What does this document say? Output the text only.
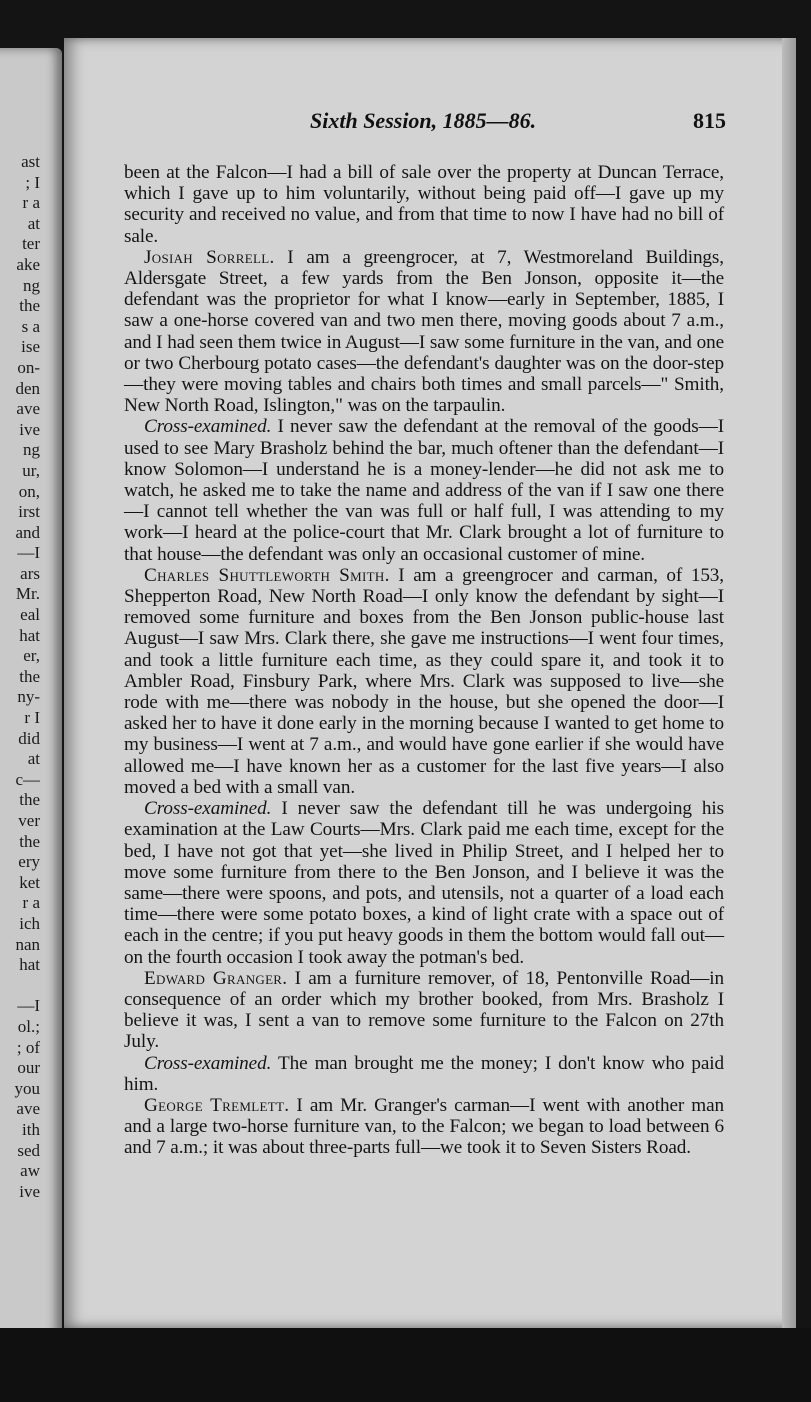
ast
; I
r a
at
ter
ake
ng
the
s a
ise
on-
den
ave
ive
ng
ur,
on,
irst
and
—I
ars
Mr.
eal
hat
er,
the
ny-
r I
did
at
c—
the
ver
the
ery
ket
r a
ich
nan
hat
—I
ol.;
; of
our
you
ave
ith
sed
aw
ive
Sixth Session, 1885—86.	815

been at the Falcon—I had a bill of sale over the property at Duncan Terrace, which I gave up to him voluntarily, without being paid off—I gave up my security and received no value, and from that time to now I have had no bill of sale.

Josiah Sorrell. I am a greengrocer, at 7, Westmoreland Buildings, Aldersgate Street, a few yards from the Ben Jonson, opposite it—the defendant was the proprietor for what I know—early in September, 1885, I saw a one-horse covered van and two men there, moving goods about 7 a.m., and I had seen them twice in August—I saw some furniture in the van, and one or two Cherbourg potato cases—the defendant's daughter was on the door-step—they were moving tables and chairs both times and small parcels—" Smith, New North Road, Islington," was on the tarpaulin.

Cross-examined. I never saw the defendant at the removal of the goods—I used to see Mary Brasholz behind the bar, much oftener than the defendant—I know Solomon—I understand he is a money-lender—he did not ask me to watch, he asked me to take the name and address of the van if I saw one there—I cannot tell whether the van was full or half full, I was attending to my work—I heard at the police-court that Mr. Clark brought a lot of furniture to that house—the defendant was only an occasional customer of mine.

Charles Shuttleworth Smith. I am a greengrocer and carman, of 153, Shepperton Road, New North Road—I only know the defendant by sight—I removed some furniture and boxes from the Ben Jonson public-house last August—I saw Mrs. Clark there, she gave me instructions—I went four times, and took a little furniture each time, as they could spare it, and took it to Ambler Road, Finsbury Park, where Mrs. Clark was supposed to live—she rode with me—there was nobody in the house, but she opened the door—I asked her to have it done early in the morning because I wanted to get home to my business—I went at 7 a.m., and would have gone earlier if she would have allowed me—I have known her as a customer for the last five years—I also moved a bed with a small van.

Cross-examined. I never saw the defendant till he was undergoing his examination at the Law Courts—Mrs. Clark paid me each time, except for the bed, I have not got that yet—she lived in Philip Street, and I helped her to move some furniture from there to the Ben Jonson, and I believe it was the same—there were spoons, and pots, and utensils, not a quarter of a load each time—there were some potato boxes, a kind of light crate with a space out of each in the centre; if you put heavy goods in them the bottom would fall out—on the fourth occasion I took away the potman's bed.

Edward Granger. I am a furniture remover, of 18, Pentonville Road—in consequence of an order which my brother booked, from Mrs. Brasholz I believe it was, I sent a van to remove some furniture to the Falcon on 27th July.

Cross-examined. The man brought me the money; I don't know who paid him.

George Tremlett. I am Mr. Granger's carman—I went with another man and a large two-horse furniture van, to the Falcon; we began to load between 6 and 7 a.m.; it was about three-parts full—we took it to Seven Sisters Road.
